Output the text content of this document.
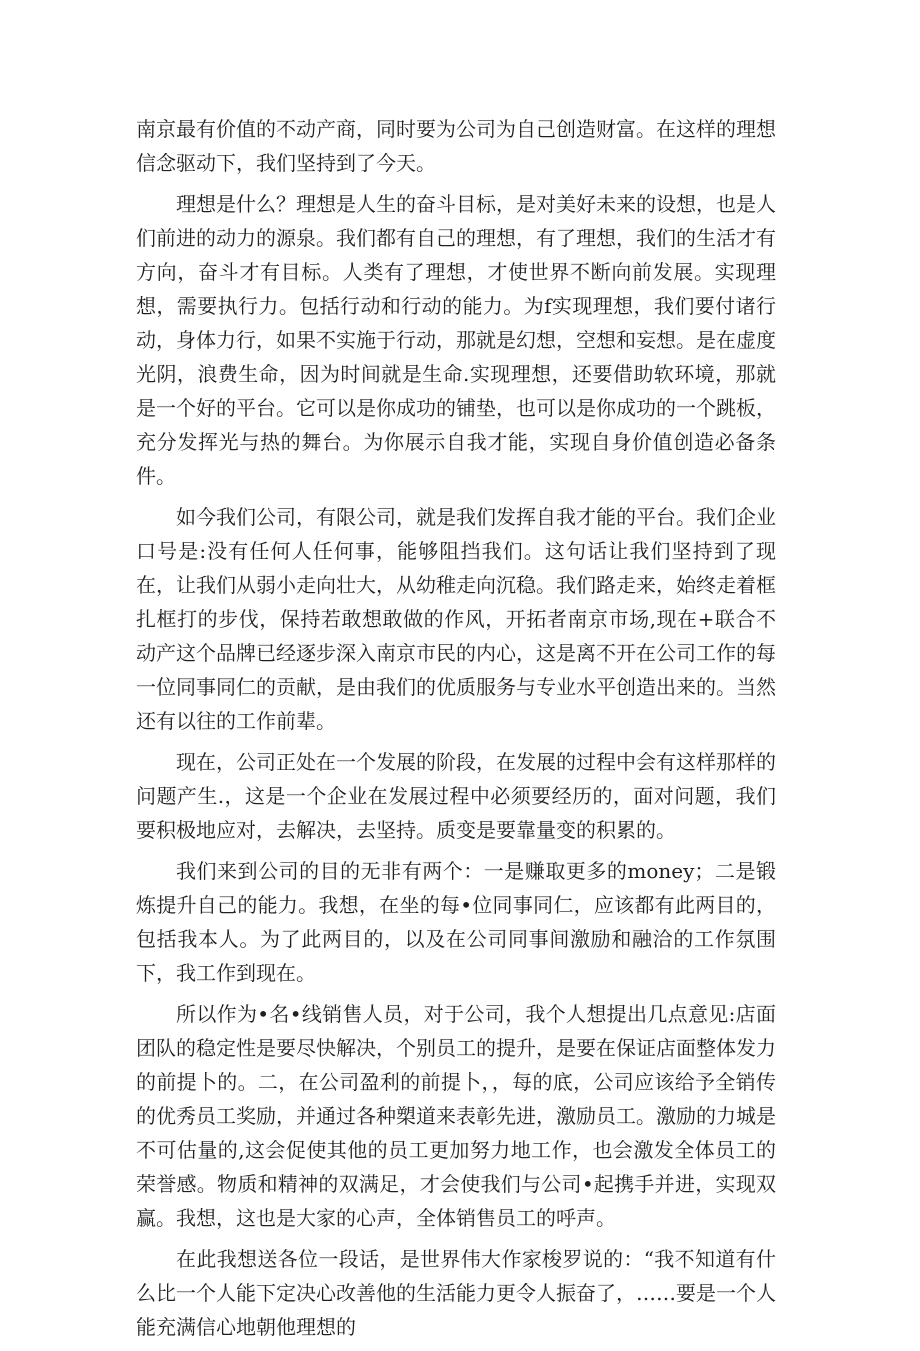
南京最有价值的不动产商，同时要为公司为自己创造财富。在这样的理想信念驱动下，我们坚持到了今天。

理想是什么？理想是人生的奋斗目标，是对美好未来的设想，也是人们前进的动力的源泉。我们都有自己的理想，有了理想，我们的生活才有方向，奋斗才有目标。人类有了理想，才使世界不断向前发展。实现理想，需要执行力。包括行动和行动的能力。为f实现理想，我们要付诸行动，身体力行，如果不实施于行动，那就是幻想，空想和妄想。是在虚度光阴，浪费生命，因为时间就是生命.实现理想，还要借助软环境，那就是一个好的平台。它可以是你成功的铺垫，也可以是你成功的一个跳板，充分发挥光与热的舞台。为你展示自我才能，实现自身价值创造必备条件。

如今我们公司，有限公司，就是我们发挥自我才能的平台。我们企业口号是:没有任何人任何事，能够阻挡我们。这句话让我们坚持到了现在，让我们从弱小走向壮大，从幼稚走向沉稳。我们路走来，始终走着框扎框打的步伐，保持若敢想敢做的作风，开拓者南京市场,现在+联合不动产这个品牌已经逐步深入南京市民的内心，这是离不开在公司工作的每一位同事同仁的贡献，是由我们的优质服务与专业水平创造出来的。当然还有以往的工作前辈。

现在，公司正处在一个发展的阶段，在发展的过程中会有这样那样的问题产生.，这是一个企业在发展过程中必须要经历的，面对问题，我们要积极地应对，去解决，去坚持。质变是要靠量变的积累的。

我们来到公司的目的无非有两个：一是赚取更多的money；二是锻炼提升自己的能力。我想，在坐的每•位同事同仁，应该都有此两目的，包括我本人。为了此两目的，以及在公司同事间激励和融洽的工作氛围下，我工作到现在。

所以作为•名•线销售人员，对于公司，我个人想提出几点意见:店面团队的稳定性是要尽快解决，个别员工的提升，是要在保证店面整体发力的前提卜的。二，在公司盈利的前提卜，，每的底，公司应该给予全销传的优秀员工奖励，并通过各种槊道来表彰先进，激励员工。激励的力城是不可估量的,这会促使其他的员工更加努力地工作，也会激发全体员工的荣誉感。物质和精神的双满足，才会使我们与公司•起携手并进，实现双赢。我想，这也是大家的心声，全体销售员工的呼声。

在此我想送各位一段话，是世界伟大作家梭罗说的：“我不知道有什么比一个人能下定决心改善他的生活能力更令人振奋了，……要是一个人能充满信心地朝他理想的
